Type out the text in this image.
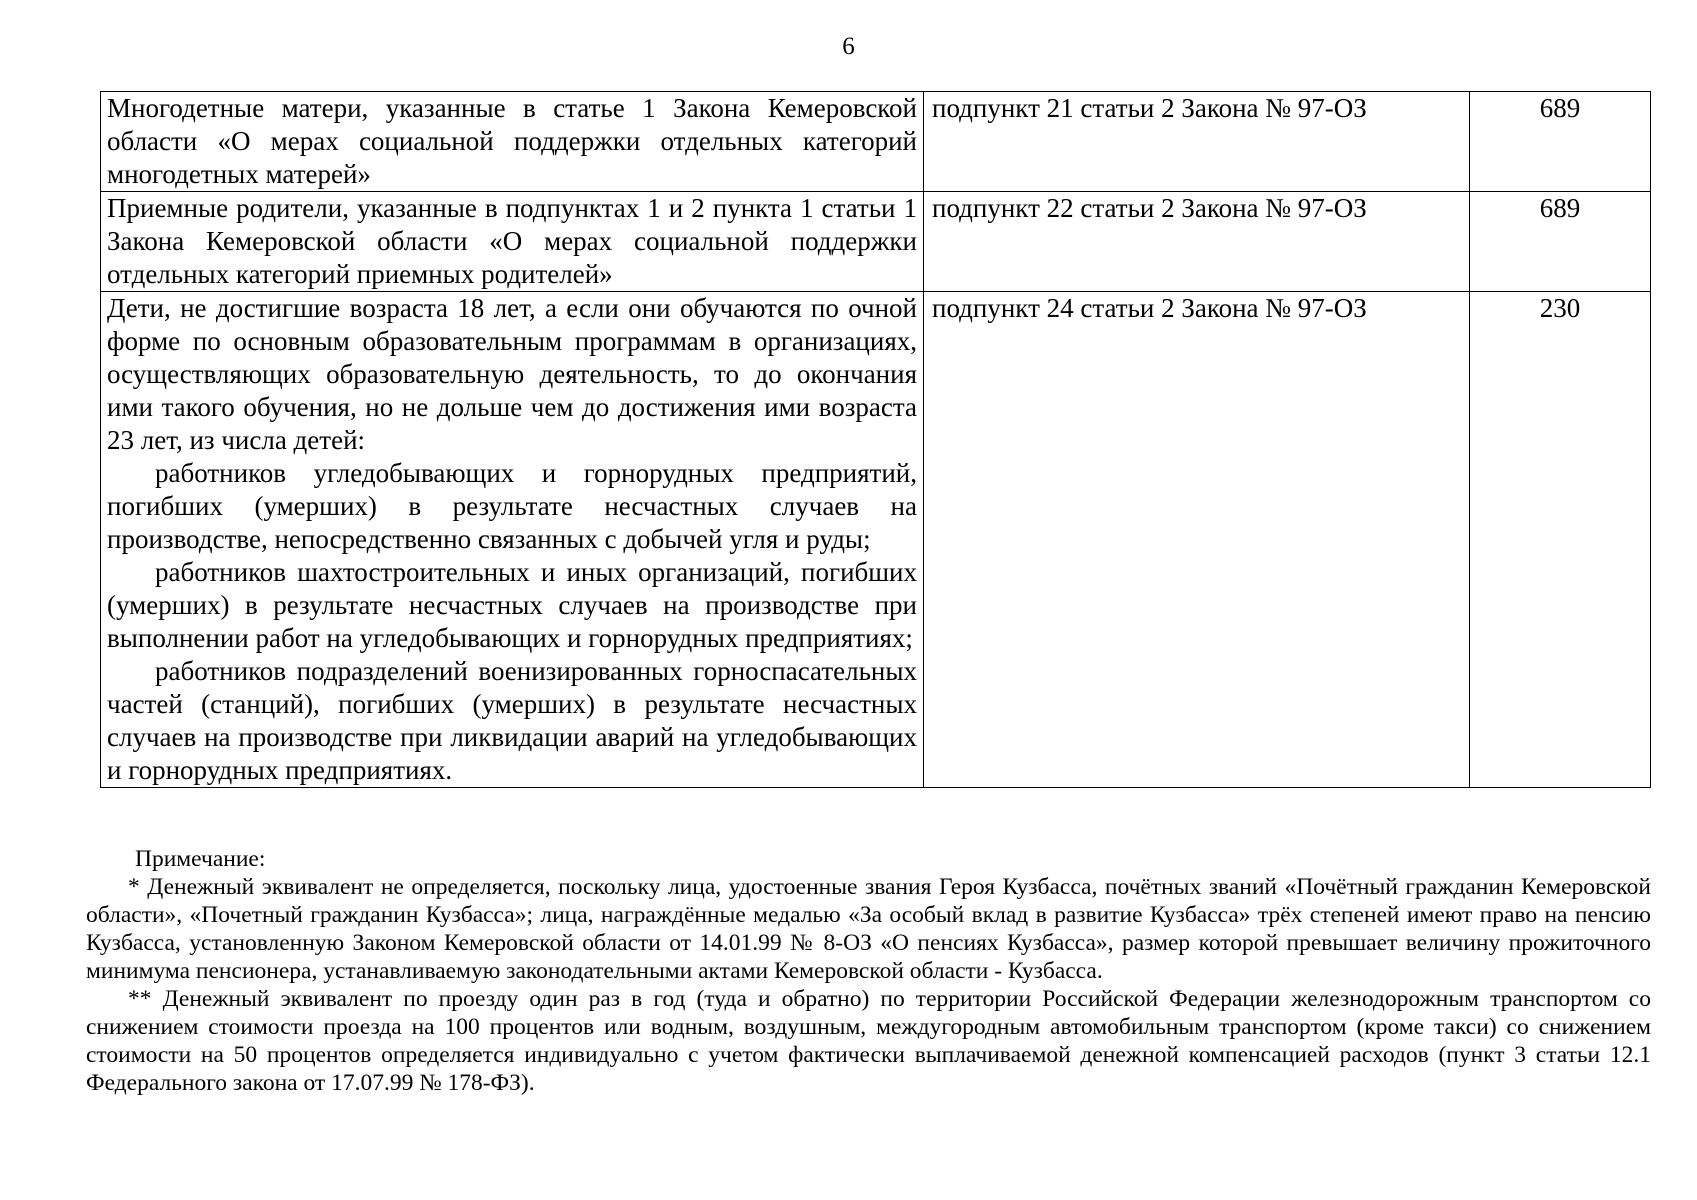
6
Многодетные матери, указанные в статье 1 Закона Кемеровской области «О мерах социальной поддержки отдельных категорий многодетных матерей»	подпункт 21 статьи 2 Закона № 97-ОЗ	689
Приемные родители, указанные в подпунктах 1 и 2 пункта 1 статьи 1 Закона Кемеровской области «О мерах социальной поддержки отдельных категорий приемных родителей»	подпункт 22 статьи 2 Закона № 97-ОЗ	689

Дети, не достигшие возраста 18 лет, а если они обучаются по очной форме по основным образовательным программам в организациях, осуществляющих образовательную деятельность, то до окончания ими такого обучения, но не дольше чем до достижения ими возраста 23 лет, из числа детей:
работников угледобывающих и горнорудных предприятий, погибших (умерших) в результате несчастных случаев на производстве, непосредственно связанных с добычей угля и руды;
работников шахтостроительных и иных организаций, погибших (умерших) в результате несчастных случаев на производстве при выполнении работ на угледобывающих и горнорудных предприятиях;
работников подразделений военизированных горноспасательных частей (станций), погибших (умерших) в результате несчастных случаев на производстве при ликвидации аварий на угледобывающих и горнорудных предприятиях.	подпункт 24 статьи 2 Закона № 97-ОЗ	230
Примечание:
* Денежный эквивалент не определяется, поскольку лица, удостоенные звания Героя Кузбасса, почётных званий «Почётный гражданин Кемеровской области», «Почетный гражданин Кузбасса»; лица, награждённые медалью «За особый вклад в развитие Кузбасса» трёх степеней имеют право на пенсию Кузбасса, установленную Законом Кемеровской области от 14.01.99 № 8-ОЗ «О пенсиях Кузбасса», размер которой превышает величину прожиточного минимума пенсионера, устанавливаемую законодательными актами Кемеровской области - Кузбасса.
** Денежный эквивалент по проезду один раз в год (туда и обратно) по территории Российской Федерации железнодорожным транспортом со снижением стоимости проезда на 100 процентов или водным, воздушным, междугородным автомобильным транспортом (кроме такси) со снижением стоимости на 50 процентов определяется индивидуально с учетом фактически выплачиваемой денежной компенсацией расходов (пункт 3 статьи 12.1 Федерального закона от 17.07.99 № 178-ФЗ).
